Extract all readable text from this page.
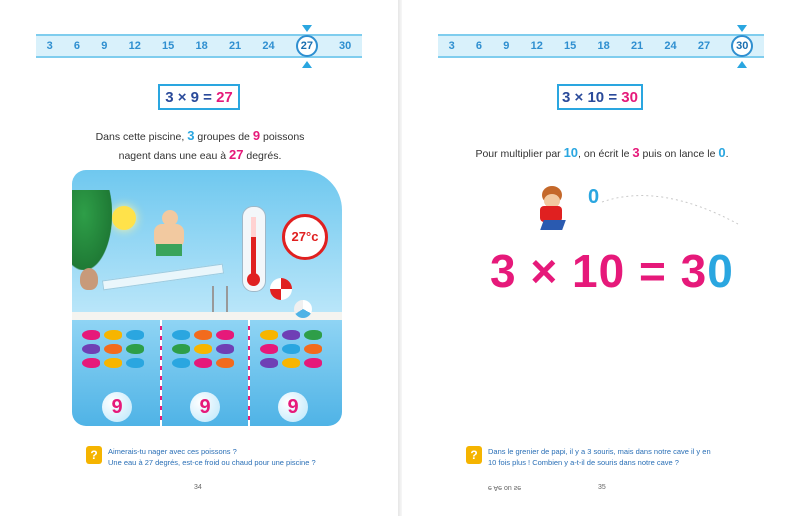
3 6 9 12 15 18 21 24	27	30
3 × 9 =
27
Dans cette piscine, 3 groupes de 9 poissons
nagent dans une eau à 27 degrés.
27°c
9	9	9
?	Aimerais-tu nager avec ces poissons ?
Une eau à 27 degrés, est-ce froid ou chaud pour une piscine ?
34
3 6 9 12 15 18 21 24 27	30
3 × 10 =
30
Pour multiplier par 10, on écrit le 3 puis on lance le 0.
0
3 × 10 = 30
?	Dans le grenier de papi, il y a 3 souris, mais dans notre cave il y en
10 fois plus ! Combien y a-t-il de souris dans notre cave ?
ɘƨ uo ɘA ɘ	35
